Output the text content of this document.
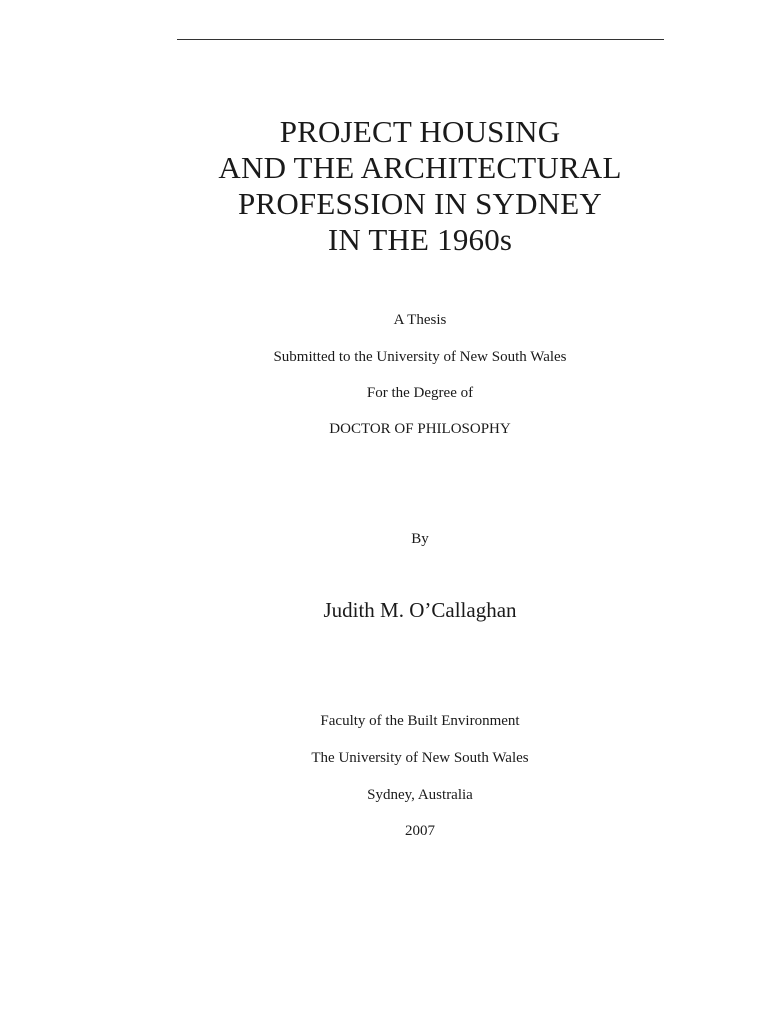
PROJECT HOUSING
AND THE ARCHITECTURAL
PROFESSION IN SYDNEY
IN THE 1960s
A Thesis
Submitted to the University of New South Wales
For the Degree of
DOCTOR OF PHILOSOPHY
By
Judith M. O’Callaghan
Faculty of the Built Environment
The University of New South Wales
Sydney, Australia
2007
